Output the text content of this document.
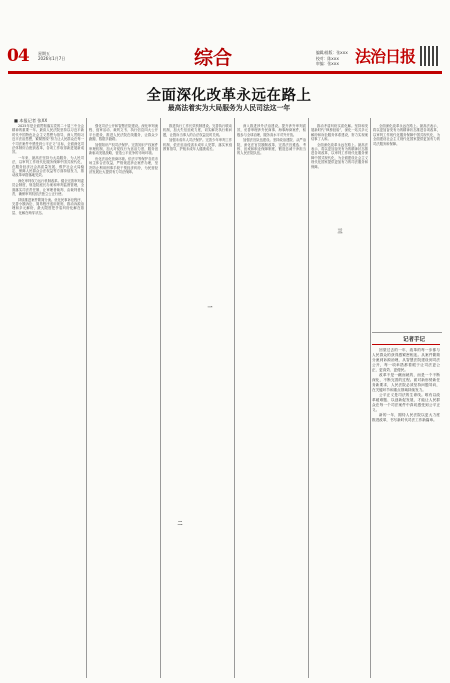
04 星期五
2026年1月7日	综合	编辑/排版：张XXX
校对：陈XXX
审编：张XXX	法治日报
全面深化改革永远在路上
最高法着实为大局服务为人民司法这一年
■ 本报记者 张XX
一
二
三

2025年是全面贯彻落实党的二十届三中全会精神的重要一年。最高人民法院坚持以习近平新时代中国特色社会主义思想为指导，深入贯彻习近平法治思想，紧紧围绕“努力让人民群众在每一个司法案件中感受到公平正义”目标，全面深化司法体制综合配套改革，各项工作取得新进展新成效。

一年来，最高法坚持为大局服务、为人民司法，以审判工作现代化服务保障中国式现代化，在服务经济社会高质量发展、维护社会大局稳定、保障人民群众合法权益等方面持续发力，推动改革举措落地见效。

深化审判权力运行机制改革。健全完善审判委员会制度，规范院庭长办案和审判监督管理，全面落实司法责任制，让审理者裁判、由裁判者负责，确保审判权依法独立公正行使。

持续推进案件繁简分流。优化民事诉讼程序，完善小额诉讼、简易程序适用规则，推动诉源治理和多元解纷，最大限度把矛盾纠纷化解在基层、化解在萌芽状态。

强化司法公开和智慧法院建设。深化审判流程、庭审活动、裁判文书、执行信息四大公开平台建设，推进人民法院在线服务，让群众少跑腿、数据多跑路。

加强知识产权司法保护。完善知识产权案件审理机制，加大对侵权行为惩治力度，服务创新驱动发展战略，营造公平竞争的市场环境。

优化法治化营商环境。依法平等保护各类市场主体合法权益，严格规范涉企案件办理，坚决防止利用刑事手段干预经济纠纷，为民营经济发展壮大提供有力司法保障。

推进执行工作长效机制建设。完善执行联动机制，加大失信惩戒力度，切实解决执行难问题，让胜诉当事人的合法权益及时兑现。

加强未成年人司法保护。完善少年审判工作机制，依法惩治侵害未成年人犯罪，落实家庭教育指导，护航未成年人健康成长。

深入推进涉外法治建设。提升涉外审判质效，妥善审理涉外民商事、海事海商案件，积极参与全球治理，服务高水平对外开放。

加强法官队伍建设。坚持政治建院、从严治院，深化法官员额制改革，完善法官遴选、考核、惩戒和职业保障制度，锻造忠诚干净担当的人民法院队伍。

推动矛盾纠纷实质化解。坚持和发展新时代“枫桥经验”，深化一站式多元解纷和诉讼服务体系建设，努力实现案结事了人和。

全面深化改革永远在路上。最高法表示，将以更加奋发有为的精神状态推进各项改革，以审判工作现代化服务保障中国式现代化，为全面建设社会主义现代化国家提供更加有力的司法服务和保障。

全面深化改革永远在路上。最高法表示，将以更加奋发有为的精神状态推进各项改革，以审判工作现代化服务保障中国式现代化，为全面建设社会主义现代化国家提供更加有力的司法服务和保障。

记者手记

回望过去的一年，改革的每一步都与人民群众的获得感紧密相连。从案件繁简分流到诉源治理，从智慧法院建设到司法公开，每一项举措都着眼于让司法更公正、更高效、更便民。

改革不是一蹴而就的，而是一个不断深化、不断完善的过程。面对新形势新任务新要求，人民法院必须坚持问题导向，在关键环节和重点领域持续发力。

公平正义是司法的生命线。唯有以改革破难题、以创新促发展，才能让人民群众在每一个司法案件中真切感受到公平正义。

新的一年，期待人民法院以更大力度推进改革，书写新时代司法工作新篇章。
